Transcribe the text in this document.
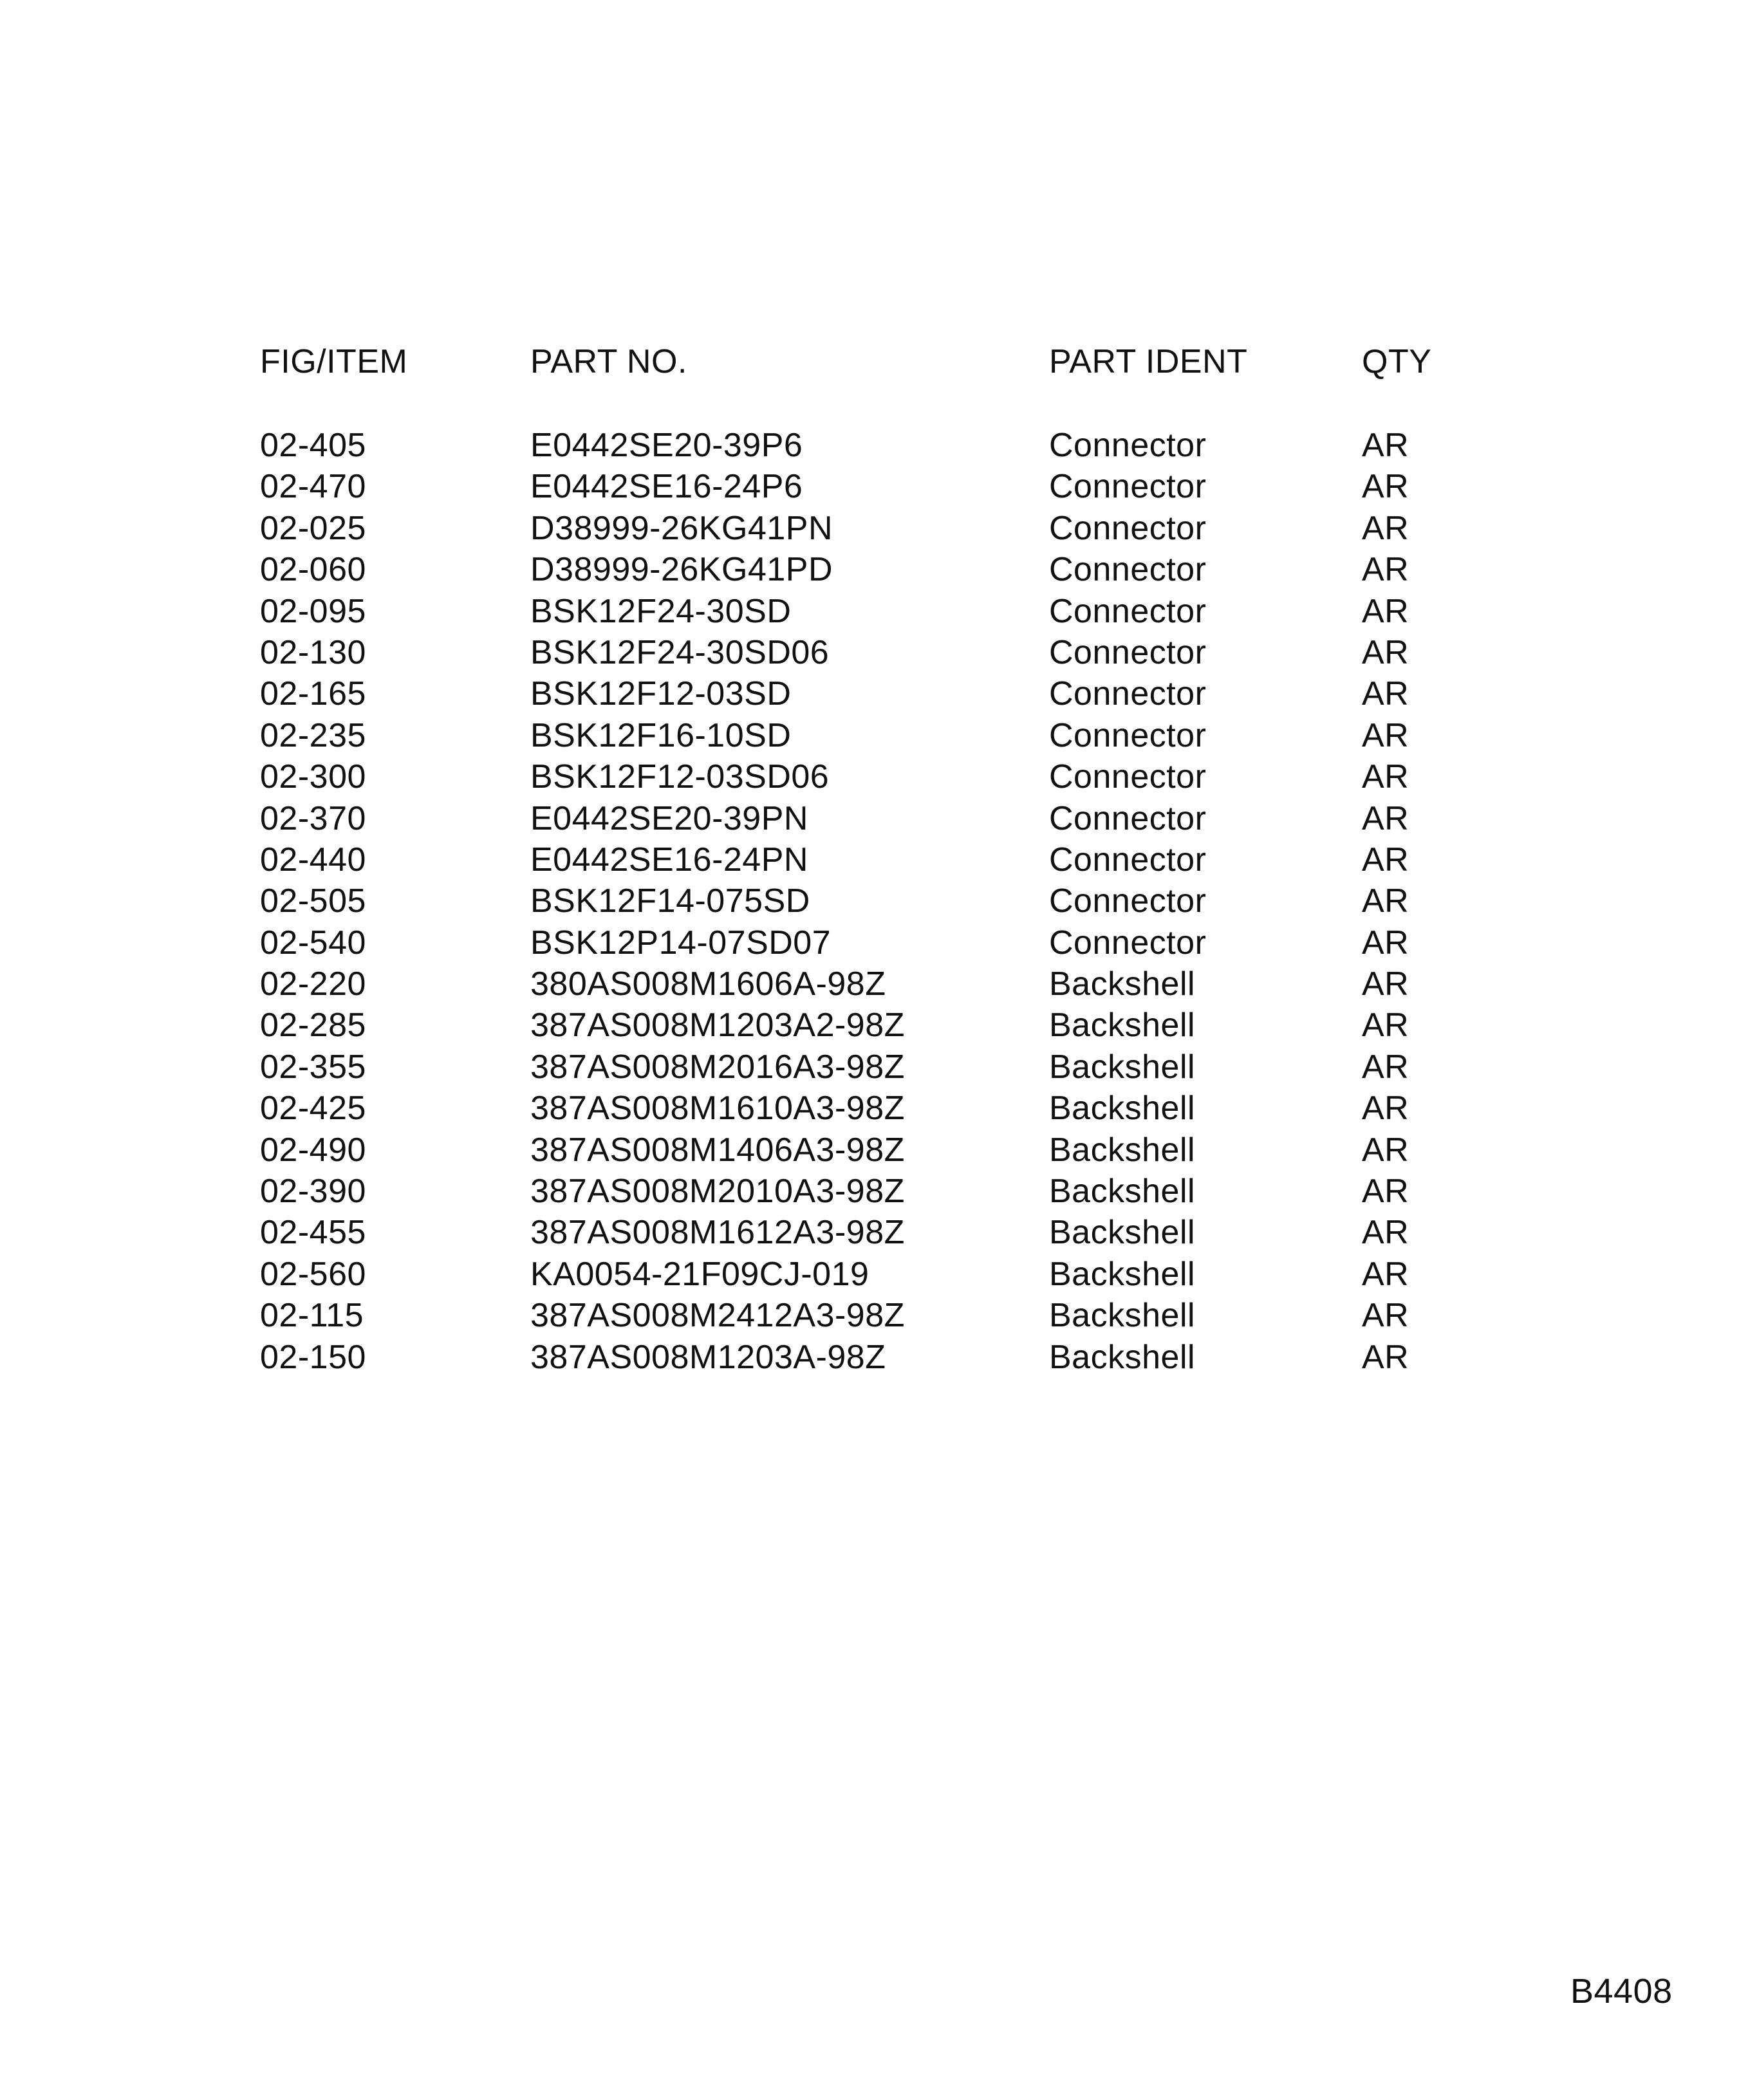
FIG/ITEM	PART NO.	PART IDENT	QTY
02-405	E0442SE20-39P6	Connector	AR
02-470	E0442SE16-24P6	Connector	AR
02-025	D38999-26KG41PN	Connector	AR
02-060	D38999-26KG41PD	Connector	AR
02-095	BSK12F24-30SD	Connector	AR
02-130	BSK12F24-30SD06	Connector	AR
02-165	BSK12F12-03SD	Connector	AR
02-235	BSK12F16-10SD	Connector	AR
02-300	BSK12F12-03SD06	Connector	AR
02-370	E0442SE20-39PN	Connector	AR
02-440	E0442SE16-24PN	Connector	AR
02-505	BSK12F14-075SD	Connector	AR
02-540	BSK12P14-07SD07	Connector	AR
02-220	380AS008M1606A-98Z	Backshell	AR
02-285	387AS008M1203A2-98Z	Backshell	AR
02-355	387AS008M2016A3-98Z	Backshell	AR
02-425	387AS008M1610A3-98Z	Backshell	AR
02-490	387AS008M1406A3-98Z	Backshell	AR
02-390	387AS008M2010A3-98Z	Backshell	AR
02-455	387AS008M1612A3-98Z	Backshell	AR
02-560	KA0054-21F09CJ-019	Backshell	AR
02-115	387AS008M2412A3-98Z	Backshell	AR
02-150	387AS008M1203A-98Z	Backshell	AR
B4408
